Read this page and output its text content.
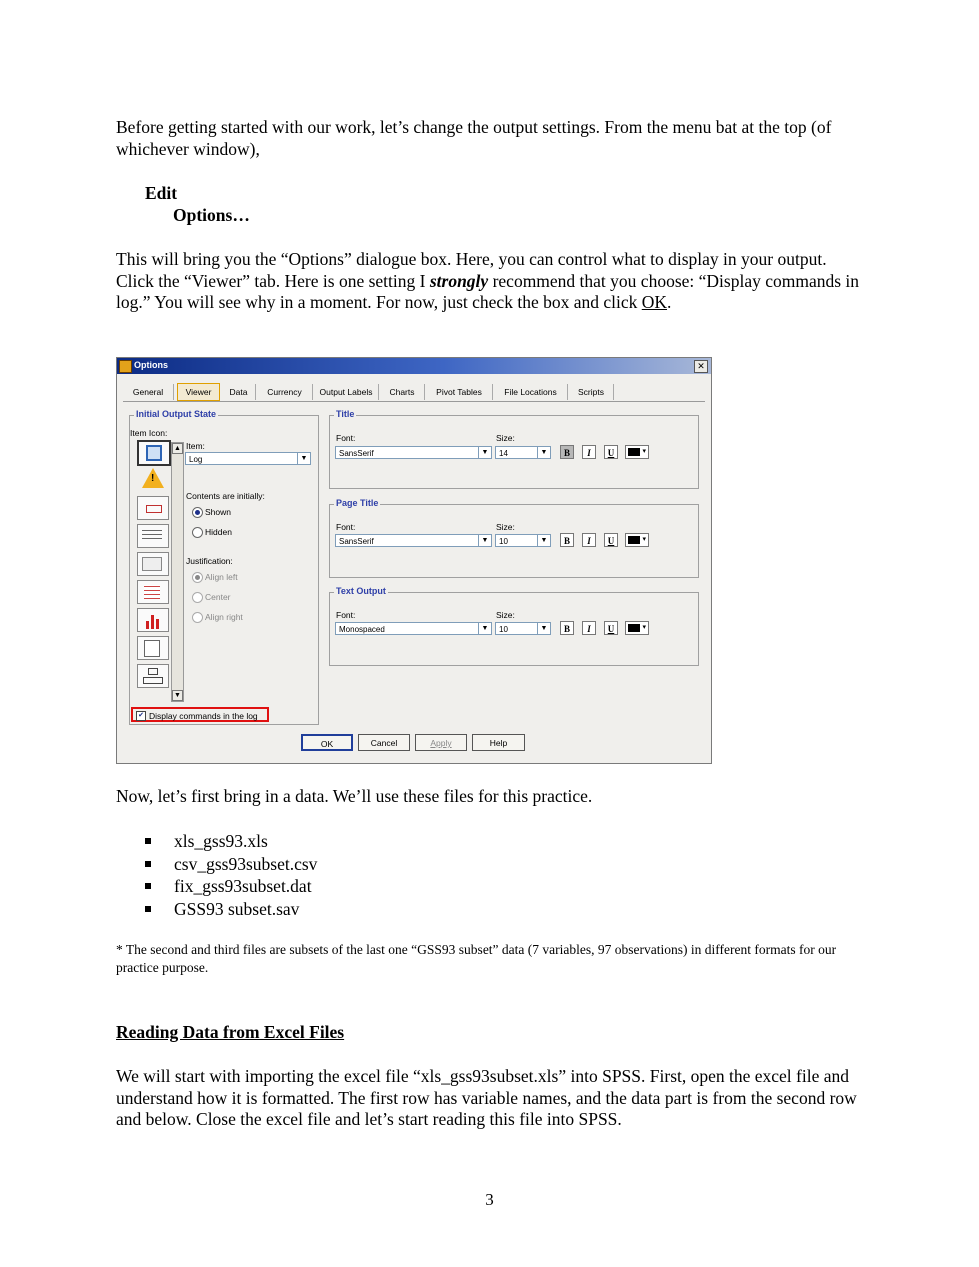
Before getting started with our work, let’s change the output settings. From the menu bat at the top (of whichever window),

Edit
Options…

This will bring you the “Options” dialogue box. Here, you can control what to display in your output. Click the “Viewer” tab. Here is one setting I strongly recommend that you choose: “Display commands in log.” You will see why in a moment. For now, just check the box and click OK.

Options	✕
General	Viewer	Data	Currency	Output Labels	Charts	Pivot Tables	File Locations	Scripts
Initial Output State
Item Icon:
!
▲
▼
Item:
Log	▼
Contents are initially:
Shown
Hidden
Justification:
Align left
Center
Align right
Title
Font:
SansSerif	▼
Size:
14	▼	B	I	U	▾
Page Title
Font:
SansSerif	▼
Size:
10	▼	B	I	U	▾
Text Output
Font:
Monospaced	▼
Size:
10	▼	B	I	U	▾
✔ Display commands in the log
OK	Cancel	Apply	Help

Now, let’s first bring in a data. We’ll use these files for this practice.

xls_gss93.xls
csv_gss93subset.csv
fix_gss93subset.dat
GSS93 subset.sav
* The second and third files are subsets of the last one “GSS93 subset” data (7 variables, 97 observations) in different formats for our practice purpose.
Reading Data from Excel Files

We will start with importing the excel file “xls_gss93subset.xls” into SPSS. First, open the excel file and understand how it is formatted. The first row has variable names, and the data part is from the second row and below. Close the excel file and let’s start reading this file into SPSS.

3
